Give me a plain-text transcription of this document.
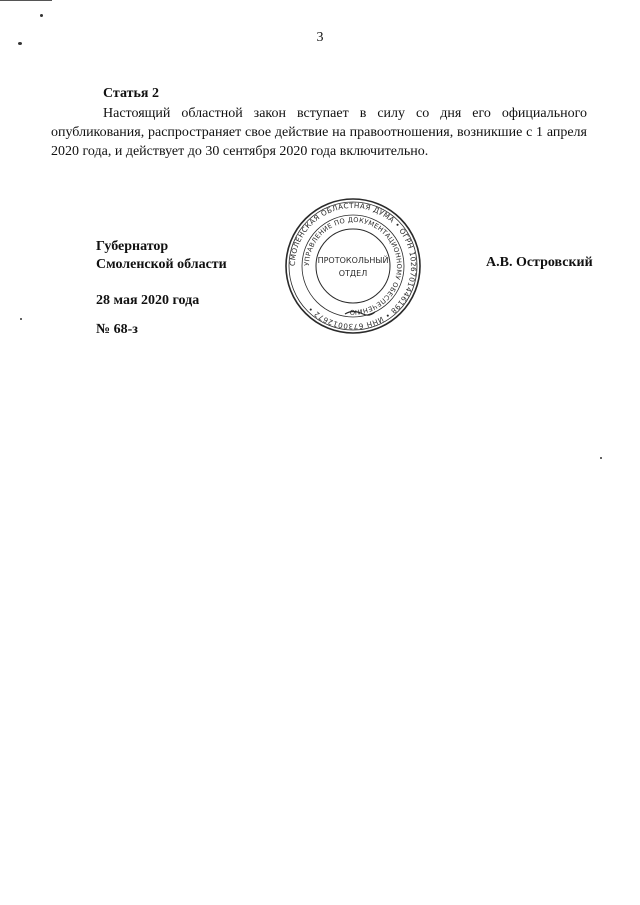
3
Статья 2
Настоящий областной закон вступает в силу со дня его официального опубликования, распространяет свое действие на правоотношения, возникшие с 1 апреля 2020 года, и действует до 30 сентября 2020 года включительно.
Губернатор
Смоленской области	А.В. Островский
28 мая 2020 года
№ 68-з
СМОЛЕНСКАЯ ОБЛАСТНАЯ ДУМА • ОГРН 1026701446198 • ИНН 6730012672 •
УПРАВЛЕНИЕ ПО ДОКУМЕНТАЦИОННОМУ ОБЕСПЕЧЕНИЮ
ПРОТОКОЛЬНЫЙ
ОТДЕЛ
